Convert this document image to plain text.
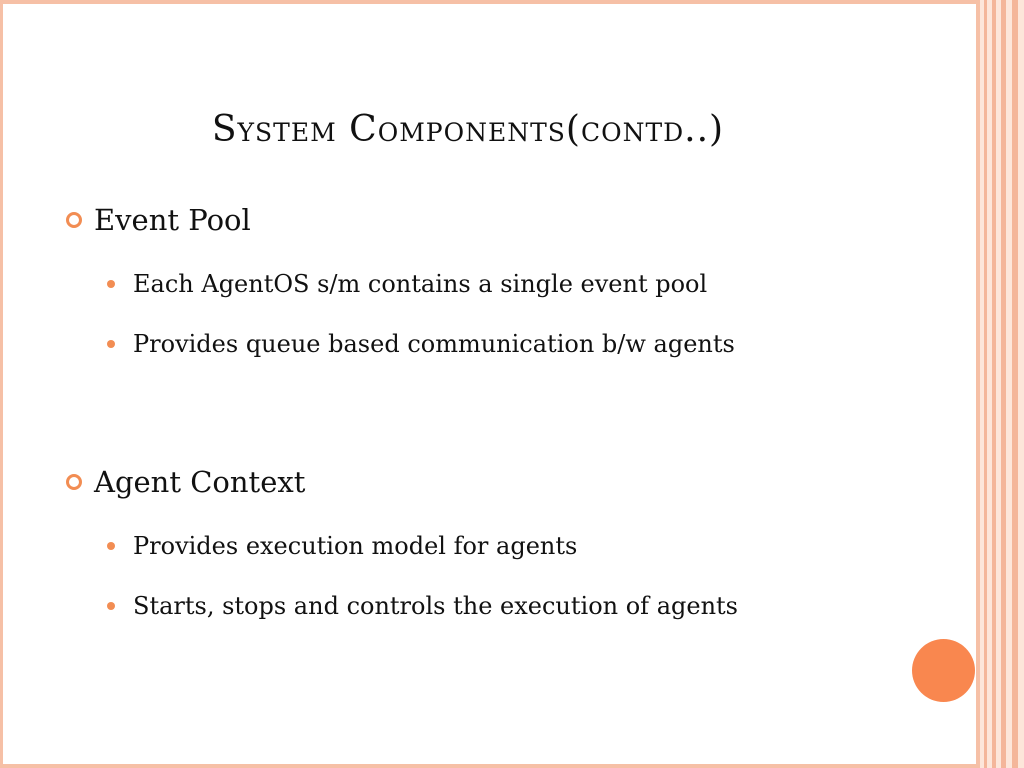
System Components(contd..)
Event Pool
Each AgentOS s/m contains a single event pool
Provides queue based communication b/w agents
Agent Context
Provides execution model for agents
Starts, stops and controls the execution of agents
